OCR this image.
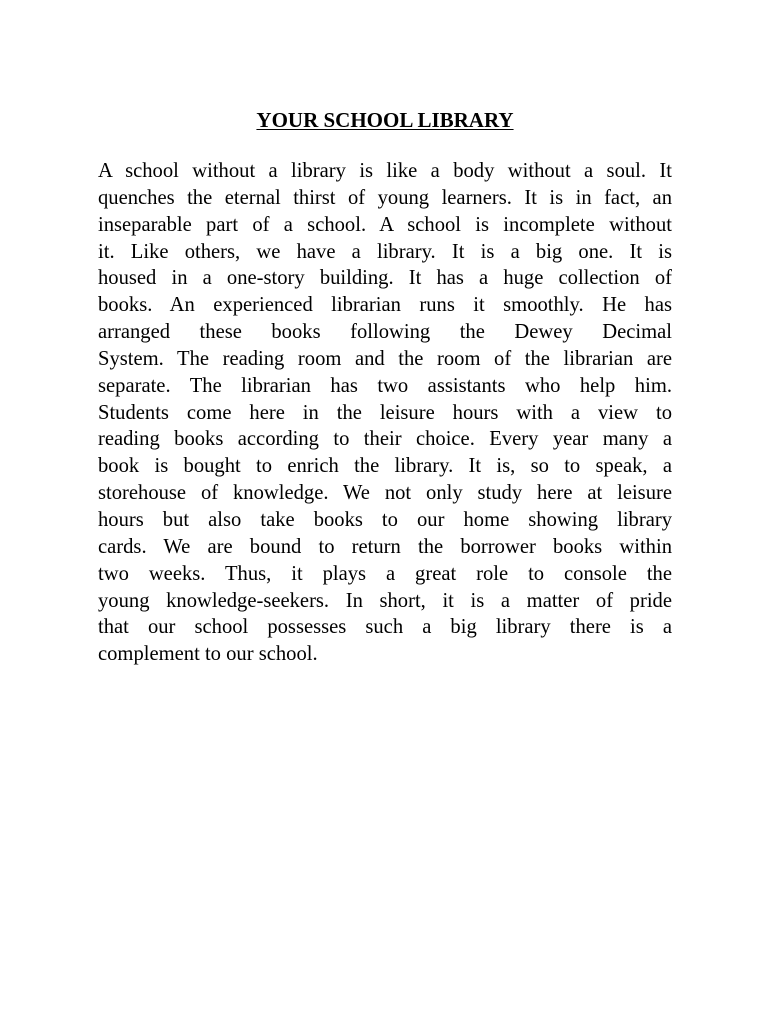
YOUR SCHOOL LIBRARY
A school without a library is like a body without a soul. It
quenches the eternal thirst of young learners. It is in fact, an
inseparable part of a school. A school is incomplete without
it. Like others, we have a library. It is a big one. It is
housed in a one-story building. It has a huge collection of
books. An experienced librarian runs it smoothly. He has
arranged these books following the Dewey Decimal
System. The reading room and the room of the librarian are
separate. The librarian has two assistants who help him.
Students come here in the leisure hours with a view to
reading books according to their choice. Every year many a
book is bought to enrich the library. It is, so to speak, a
storehouse of knowledge. We not only study here at leisure
hours but also take books to our home showing library
cards. We are bound to return the borrower books within
two weeks. Thus, it plays a great role to console the
young knowledge-seekers. In short, it is a matter of pride
that our school possesses such a big library there is a
complement to our school.
